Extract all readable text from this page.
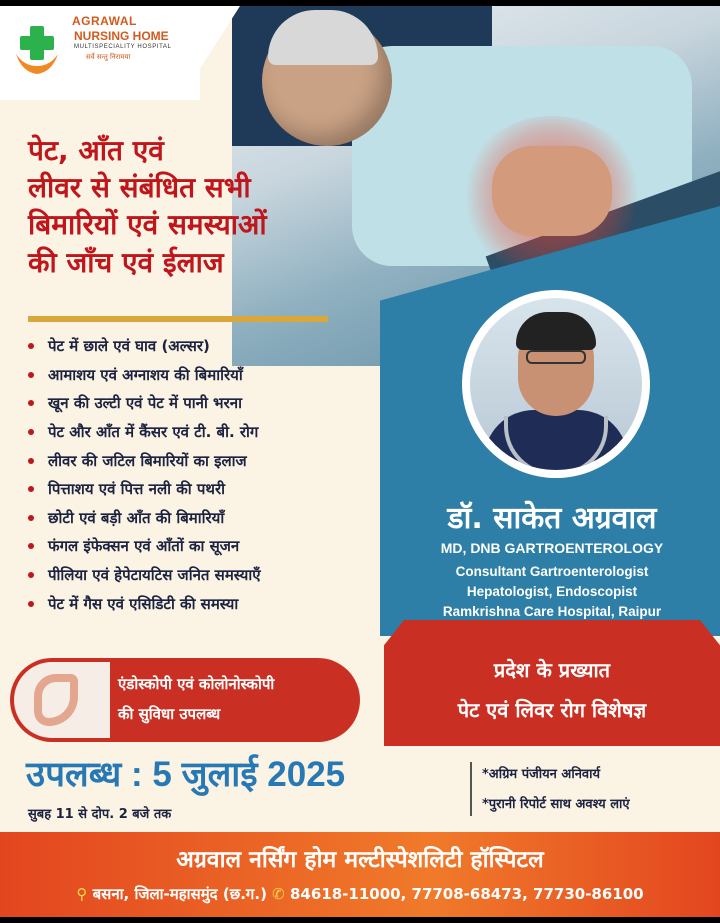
AGRAWAL
NURSING HOME
MULTISPECIALITY HOSPITAL
सर्वे सन्तु निरामया
पेट, आँत एवं
लीवर से संबंधित सभी
बिमारियों एवं समस्याओं
की जाँच एवं ईलाज
पेट में छाले एवं घाव (अल्सर)
आमाशय एवं अग्नाशय की बिमारियाँ
खून की उल्टी एवं पेट में पानी भरना
पेट और आँत में कैंसर एवं टी. बी. रोग
लीवर की जटिल बिमारियों का इलाज
पित्ताशय एवं पित्त नली की पथरी
छोटी एवं बड़ी आँत की बिमारियाँ
फंगल इंफेक्सन एवं आँतों का सूजन
पीलिया एवं हेपेटायटिस जनित समस्याएँ
पेट में गैस एवं एसिडिटी की समस्या
डॉ. साकेत अग्रवाल
MD, DNB GARTROENTEROLOGY
Consultant Gartroenterologist
Hepatologist, Endoscopist
Ramkrishna Care Hospital, Raipur
प्रदेश के प्रख्यात
पेट एवं लिवर रोग विशेषज्ञ
एंडोस्कोपी एवं कोलोनोस्कोपी
की सुविधा उपलब्ध
उपलब्ध : 5 जुलाई 2025
सुबह 11 से दोप. 2 बजे तक
*अग्रिम पंजीयन अनिवार्य
*पुरानी रिपोर्ट साथ अवश्य लाएं
अग्रवाल नर्सिंग होम मल्टीस्पेशलिटी हॉस्पिटल
⚲ बसना, जिला-महासमुंद (छ.ग.) ✆ 84618-11000, 77708-68473, 77730-86100
